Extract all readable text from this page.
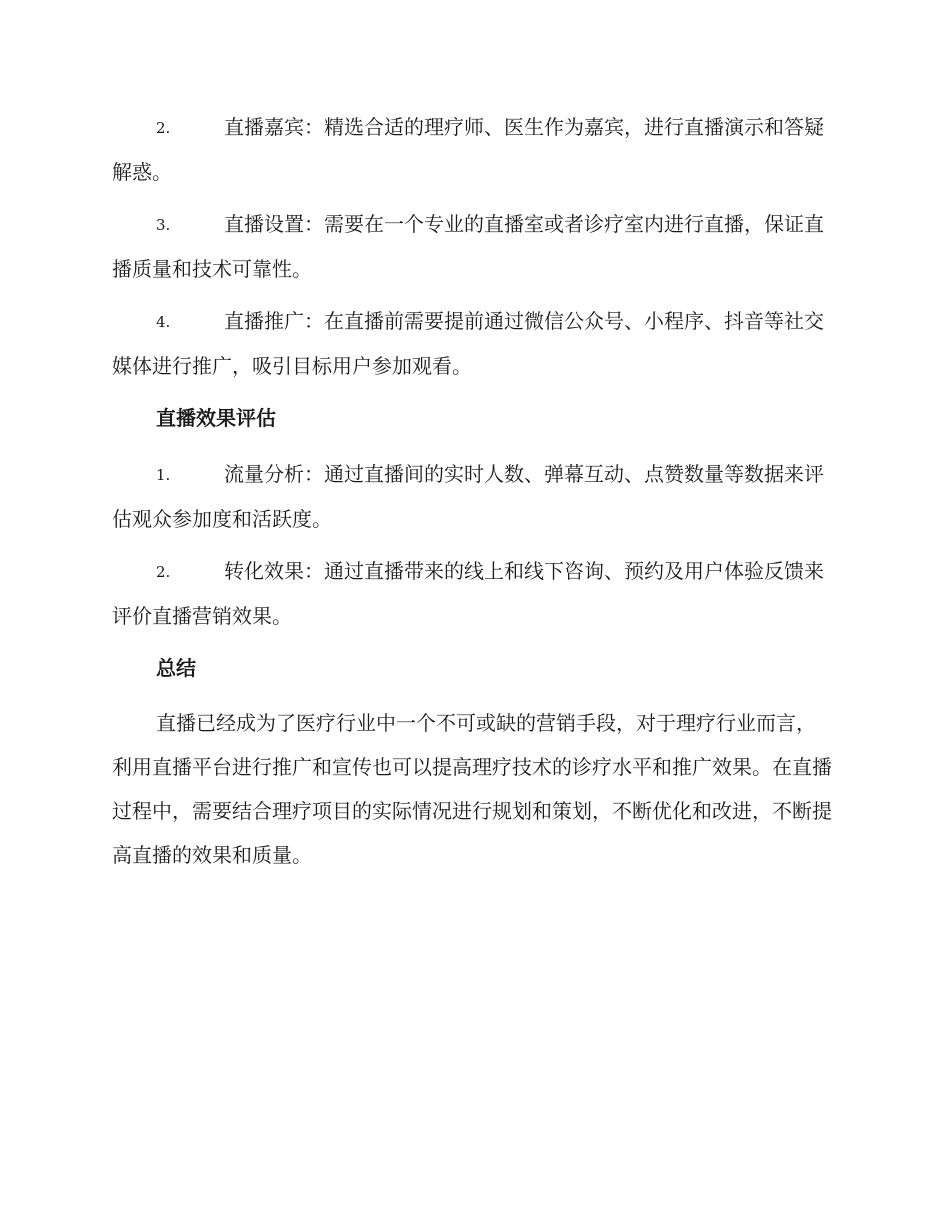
2.	直播嘉宾：精选合适的理疗师、医生作为嘉宾，进行直播演示和答疑解惑。

3.	直播设置：需要在一个专业的直播室或者诊疗室内进行直播，保证直播质量和技术可靠性。

4.	直播推广：在直播前需要提前通过微信公众号、小程序、抖音等社交媒体进行推广，吸引目标用户参加观看。

直播效果评估

1.	流量分析：通过直播间的实时人数、弹幕互动、点赞数量等数据来评估观众参加度和活跃度。

2.	转化效果：通过直播带来的线上和线下咨询、预约及用户体验反馈来评价直播营销效果。

总结

直播已经成为了医疗行业中一个不可或缺的营销手段，对于理疗行业而言，利用直播平台进行推广和宣传也可以提高理疗技术的诊疗水平和推广效果。在直播过程中，需要结合理疗项目的实际情况进行规划和策划，不断优化和改进，不断提高直播的效果和质量。
